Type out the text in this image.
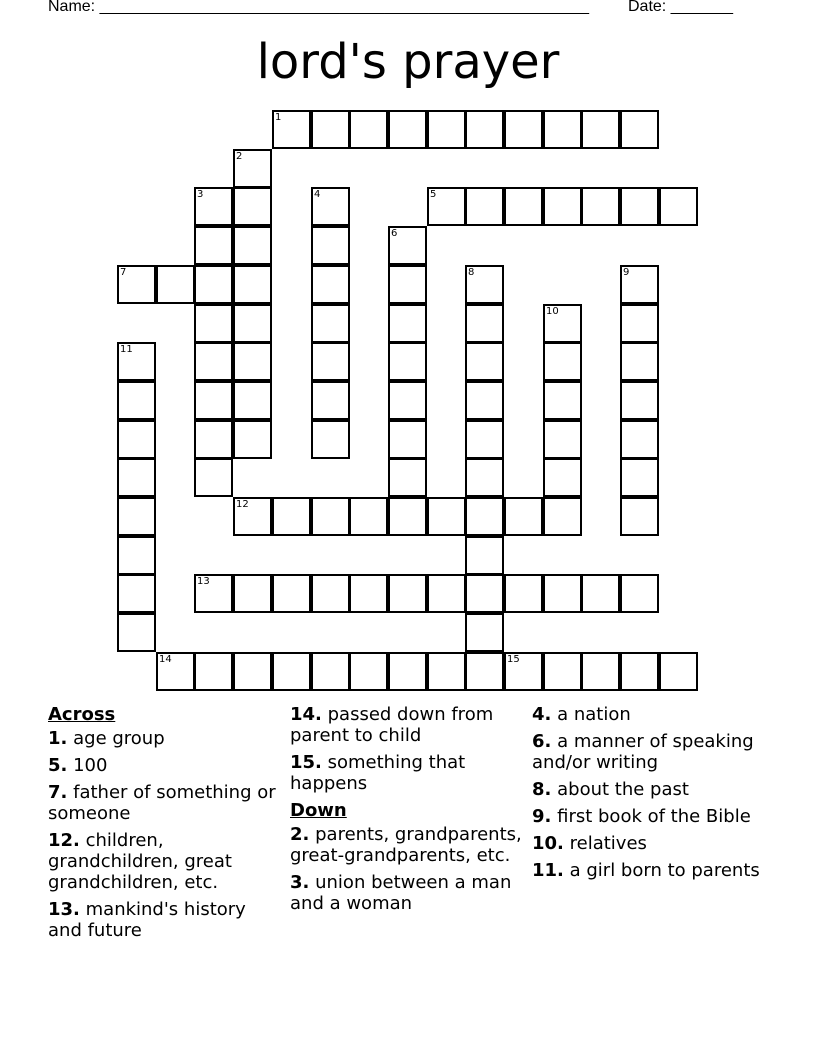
Name: _______________________________________________________ Date: _______
lord's prayer
1
2
3	4	5
6
7	8	9
10
11
12
13
14	15
Across
1. age group
5. 100
7. father of something or someone
12. children, grandchildren, great grandchildren, etc.
13. mankind's history and future
14. passed down from parent to child
15. something that happens
Down
2. parents, grandparents, great-grandparents, etc.
3. union between a man and a woman
4. a nation
6. a manner of speaking and/or writing
8. about the past
9. first book of the Bible
10. relatives
11. a girl born to parents
